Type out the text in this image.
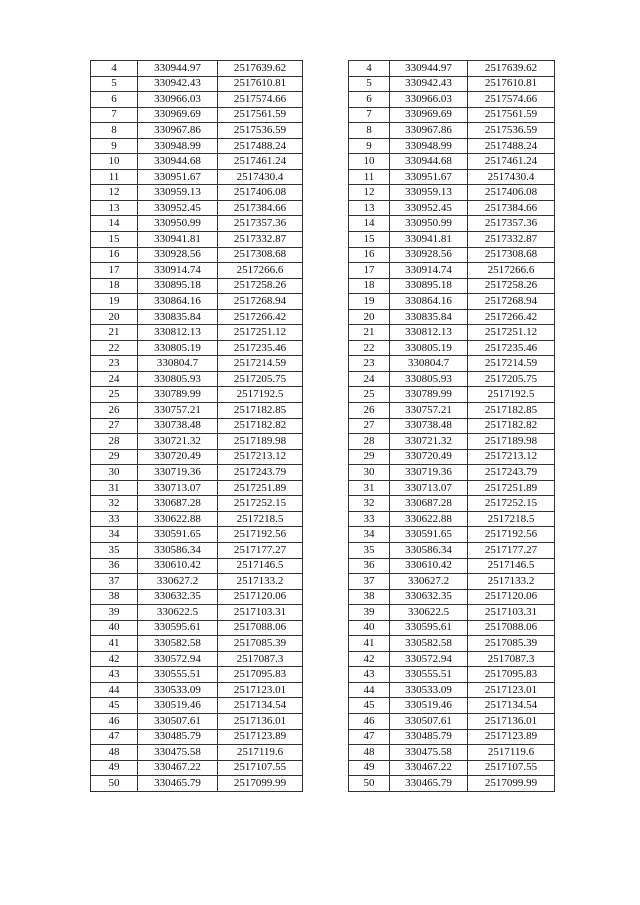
4	330944.97	2517639.62
5	330942.43	2517610.81
6	330966.03	2517574.66
7	330969.69	2517561.59
8	330967.86	2517536.59
9	330948.99	2517488.24
10	330944.68	2517461.24
11	330951.67	2517430.4
12	330959.13	2517406.08
13	330952.45	2517384.66
14	330950.99	2517357.36
15	330941.81	2517332.87
16	330928.56	2517308.68
17	330914.74	2517266.6
18	330895.18	2517258.26
19	330864.16	2517268.94
20	330835.84	2517266.42
21	330812.13	2517251.12
22	330805.19	2517235.46
23	330804.7	2517214.59
24	330805.93	2517205.75
25	330789.99	2517192.5
26	330757.21	2517182.85
27	330738.48	2517182.82
28	330721.32	2517189.98
29	330720.49	2517213.12
30	330719.36	2517243.79
31	330713.07	2517251.89
32	330687.28	2517252.15
33	330622.88	2517218.5
34	330591.65	2517192.56
35	330586.34	2517177.27
36	330610.42	2517146.5
37	330627.2	2517133.2
38	330632.35	2517120.06
39	330622.5	2517103.31
40	330595.61	2517088.06
41	330582.58	2517085.39
42	330572.94	2517087.3
43	330555.51	2517095.83
44	330533.09	2517123.01
45	330519.46	2517134.54
46	330507.61	2517136.01
47	330485.79	2517123.89
48	330475.58	2517119.6
49	330467.22	2517107.55
50	330465.79	2517099.99
4	330944.97	2517639.62
5	330942.43	2517610.81
6	330966.03	2517574.66
7	330969.69	2517561.59
8	330967.86	2517536.59
9	330948.99	2517488.24
10	330944.68	2517461.24
11	330951.67	2517430.4
12	330959.13	2517406.08
13	330952.45	2517384.66
14	330950.99	2517357.36
15	330941.81	2517332.87
16	330928.56	2517308.68
17	330914.74	2517266.6
18	330895.18	2517258.26
19	330864.16	2517268.94
20	330835.84	2517266.42
21	330812.13	2517251.12
22	330805.19	2517235.46
23	330804.7	2517214.59
24	330805.93	2517205.75
25	330789.99	2517192.5
26	330757.21	2517182.85
27	330738.48	2517182.82
28	330721.32	2517189.98
29	330720.49	2517213.12
30	330719.36	2517243.79
31	330713.07	2517251.89
32	330687.28	2517252.15
33	330622.88	2517218.5
34	330591.65	2517192.56
35	330586.34	2517177.27
36	330610.42	2517146.5
37	330627.2	2517133.2
38	330632.35	2517120.06
39	330622.5	2517103.31
40	330595.61	2517088.06
41	330582.58	2517085.39
42	330572.94	2517087.3
43	330555.51	2517095.83
44	330533.09	2517123.01
45	330519.46	2517134.54
46	330507.61	2517136.01
47	330485.79	2517123.89
48	330475.58	2517119.6
49	330467.22	2517107.55
50	330465.79	2517099.99
